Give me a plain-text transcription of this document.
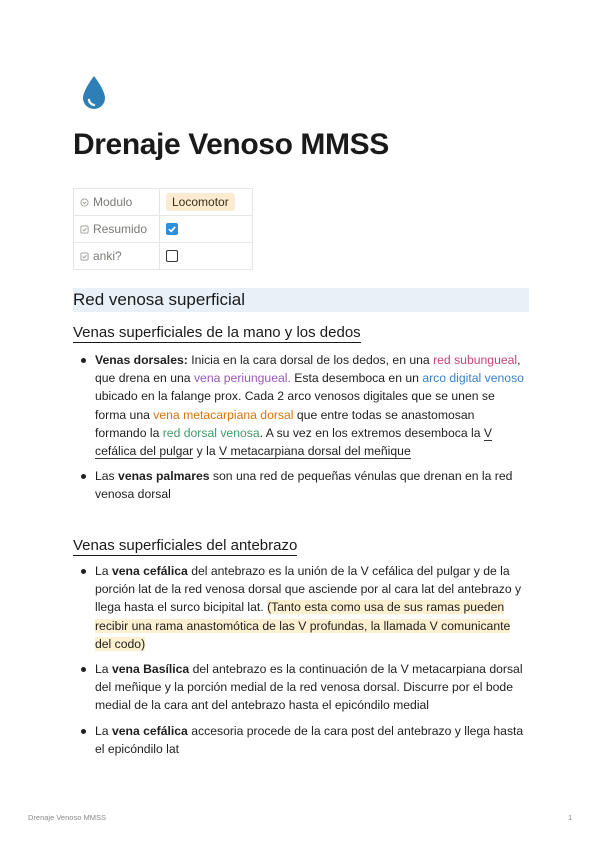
Drenaje Venoso MMSS
Modulo	Locomotor
Resumido	

anki?	
Red venosa superficial
Venas superficiales de la mano y los dedos
Venas dorsales: Inicia en la cara dorsal de los dedos, en una red subungueal, que drena en una vena periungueal. Esta desemboca en un arco digital venoso ubicado en la falange prox. Cada 2 arco venosos digitales que se unen se forma una vena metacarpiana dorsal que entre todas se anastomosan formando la red dorsal venosa. A su vez en los extremos desemboca la V cefálica del pulgar y la V metacarpiana dorsal del meñique
Las venas palmares son una red de pequeñas vénulas que drenan en la red venosa dorsal
Venas superficiales del antebrazo
La vena cefálica del antebrazo es la unión de la V cefálica del pulgar y de la porción lat de la red venosa dorsal que asciende por al cara lat del antebrazo y llega hasta el surco bicipital lat. (Tanto esta como usa de sus ramas pueden recibir una rama anastomótica de las V profundas, la llamada V comunicante del codo)
La vena Basílica del antebrazo es la continuación de la V metacarpiana dorsal del meñique y la porción medial de la red venosa dorsal. Discurre por el bode medial de la cara ant del antebrazo hasta el epicóndilo medial
La vena cefálica accesoria procede de la cara post del antebrazo y llega hasta el epicóndilo lat
Drenaje Venoso MMSS	1
